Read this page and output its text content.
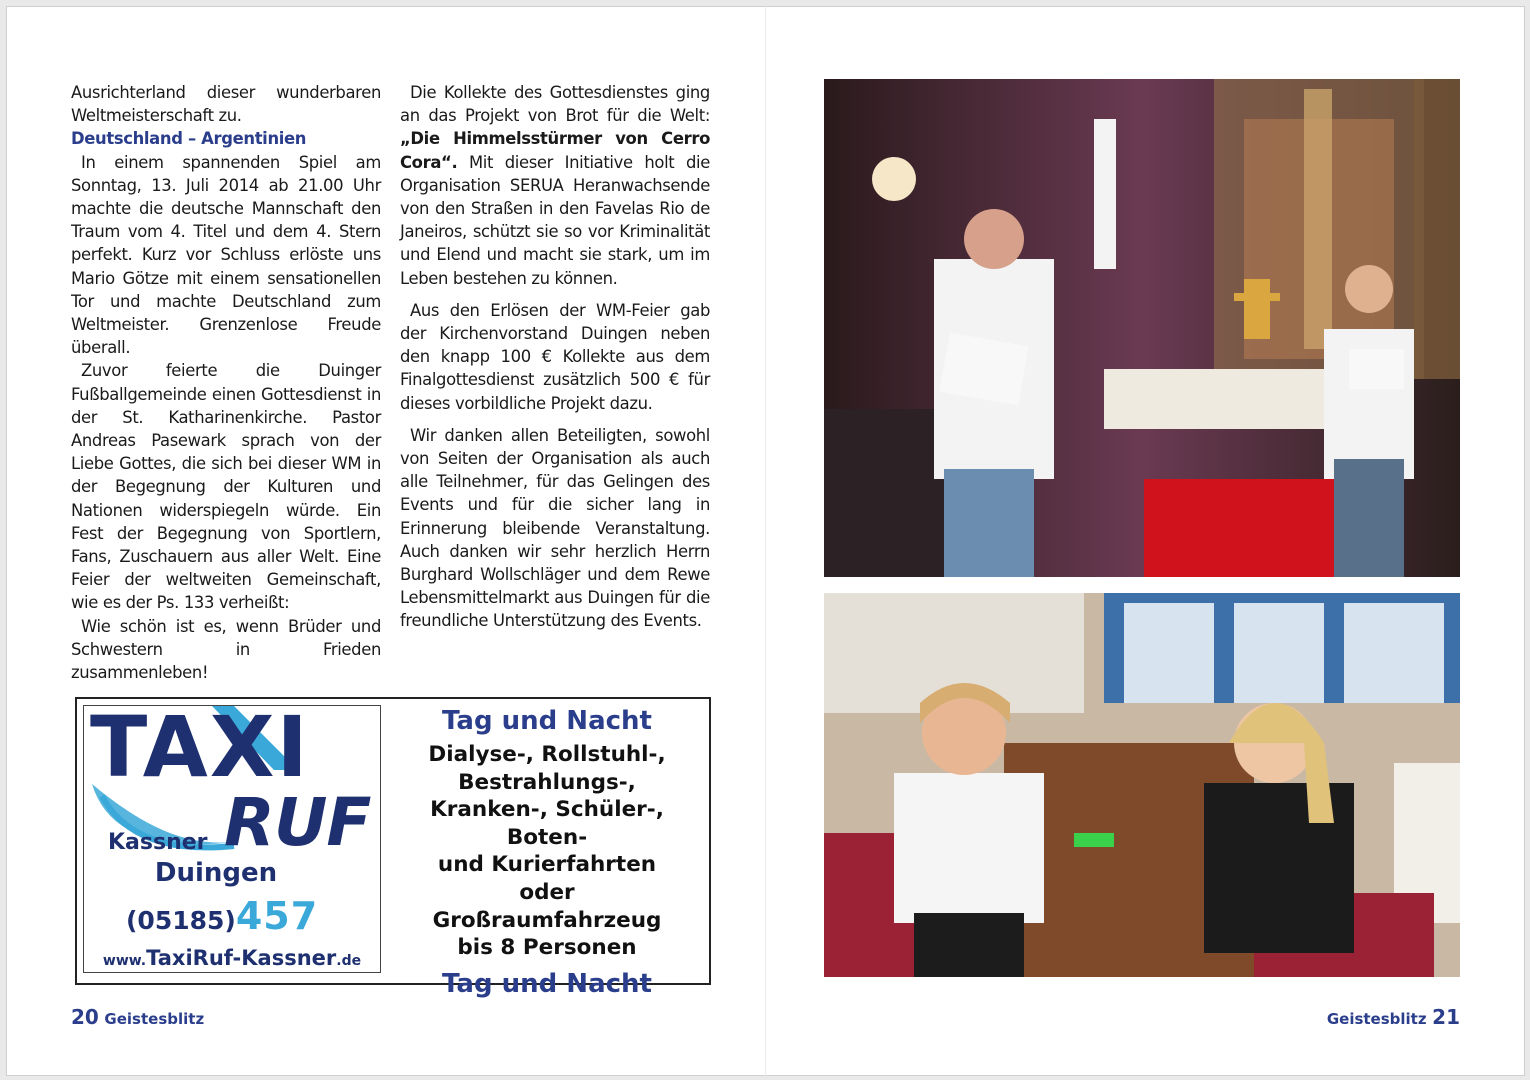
Ausrichterland dieser wunderbaren Weltmeisterschaft zu.

Deutschland – Argentinien

In einem spannenden Spiel am Sonntag, 13. Juli 2014 ab 21.00 Uhr machte die deutsche Mannschaft den Traum vom 4. Titel und dem 4. Stern perfekt. Kurz vor Schluss erlöste uns Mario Götze mit einem sensationellen Tor und machte Deutschland zum Weltmeister. Grenzenlose Freude überall.

Zuvor feierte die Duinger Fußballgemeinde einen Gottesdienst in der St. Katharinenkirche. Pastor Andreas Pasewark sprach von der Liebe Gottes, die sich bei dieser WM in der Begegnung der Kulturen und Nationen widerspiegeln würde. Ein Fest der Begegnung von Sportlern, Fans, Zuschauern aus aller Welt. Eine Feier der weltweiten Gemeinschaft, wie es der Ps. 133 verheißt:

Wie schön ist es, wenn Brüder und Schwestern in Frieden zusammenleben!

Die Kollekte des Gottesdienstes ging an das Projekt von Brot für die Welt: „Die Himmelsstürmer von Cerro Cora“. Mit dieser Initiative holt die Organisation SERUA Heranwachsende von den Straßen in den Favelas Rio de Janeiros, schützt sie so vor Kriminalität und Elend und macht sie stark, um im Leben bestehen zu können.

Aus den Erlösen der WM-Feier gab der Kirchenvorstand Duingen neben den knapp 100 € Kollekte aus dem Finalgottesdienst zusätzlich 500 € für dieses vorbildliche Projekt dazu.

Wir danken allen Beteiligten, sowohl von Seiten der Organisation als auch alle Teilnehmer, für das Gelingen des Events und für die sicher lang in Erinnerung bleibende Veranstaltung. Auch danken wir sehr herzlich Herrn Burghard Wollschläger und dem Rewe Lebensmittelmarkt aus Duingen für die freundliche Unterstützung des Events.

TAXI
RUF
Kassner
Duingen
(05185)457
www.TaxiRuf-Kassner.de
Tag und Nacht
Dialyse-, Rollstuhl-,
Bestrahlungs-,
Kranken-, Schüler-, Boten-
und Kurierfahrten
oder
Großraumfahrzeug
bis 8 Personen
Tag und Nacht
20 Geistesblitz	Geistesblitz 21
